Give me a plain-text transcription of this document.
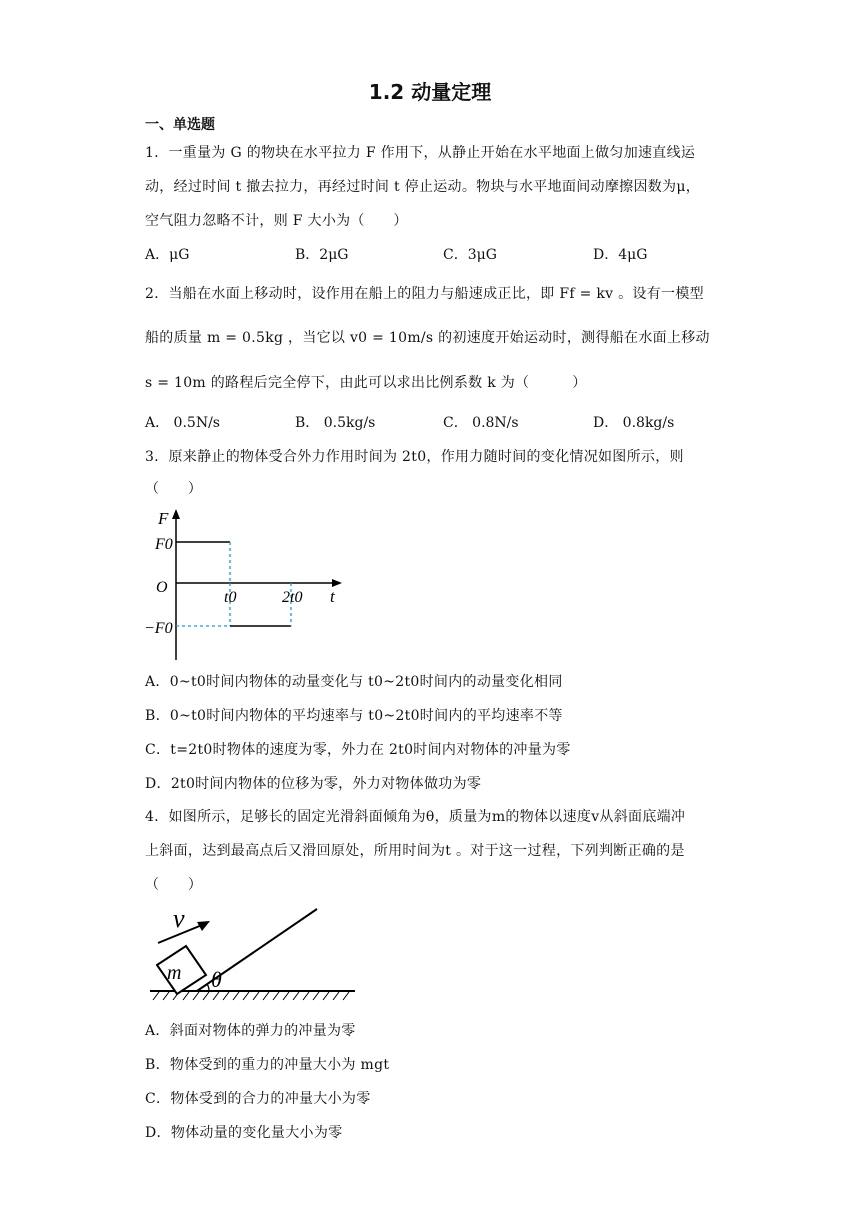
1.2 动量定理
一、单选题
1．一重量为 G 的物块在水平拉力 F 作用下，从静止开始在水平地面上做匀加速直线运
动，经过时间 t 撤去拉力，再经过时间 t 停止运动。物块与水平地面间动摩擦因数为μ，
空气阻力忽略不计，则 F 大小为（　　）
A．μG	B．2μG	C．3μG	D．4μG
2．当船在水面上移动时，设作用在船上的阻力与船速成正比，即 Ff = kv 。设有一模型
船的质量 m = 0.5kg ，当它以 v0 = 10m/s 的初速度开始运动时，测得船在水面上移动
s = 10m 的路程后完全停下，由此可以求出比例系数 k 为（　　　）
A． 0.5N/s	B． 0.5kg/s	C． 0.8N/s	D． 0.8kg/s
3．原来静止的物体受合外力作用时间为 2t0，作用力随时间的变化情况如图所示，则
（　　）
F
F0
O
−F0
t0	2t0 t
A．0~t0时间内物体的动量变化与 t0~2t0时间内的动量变化相同
B．0~t0时间内物体的平均速率与 t0~2t0时间内的平均速率不等
C．t=2t0时物体的速度为零，外力在 2t0时间内对物体的冲量为零
D．2t0时间内物体的位移为零，外力对物体做功为零
4．如图所示，足够长的固定光滑斜面倾角为θ，质量为m的物体以速度v从斜面底端冲
上斜面，达到最高点后又滑回原处，所用时间为t 。对于这一过程，下列判断正确的是
（　　）
m
v
θ
A．斜面对物体的弹力的冲量为零
B．物体受到的重力的冲量大小为 mgt
C．物体受到的合力的冲量大小为零
D．物体动量的变化量大小为零
